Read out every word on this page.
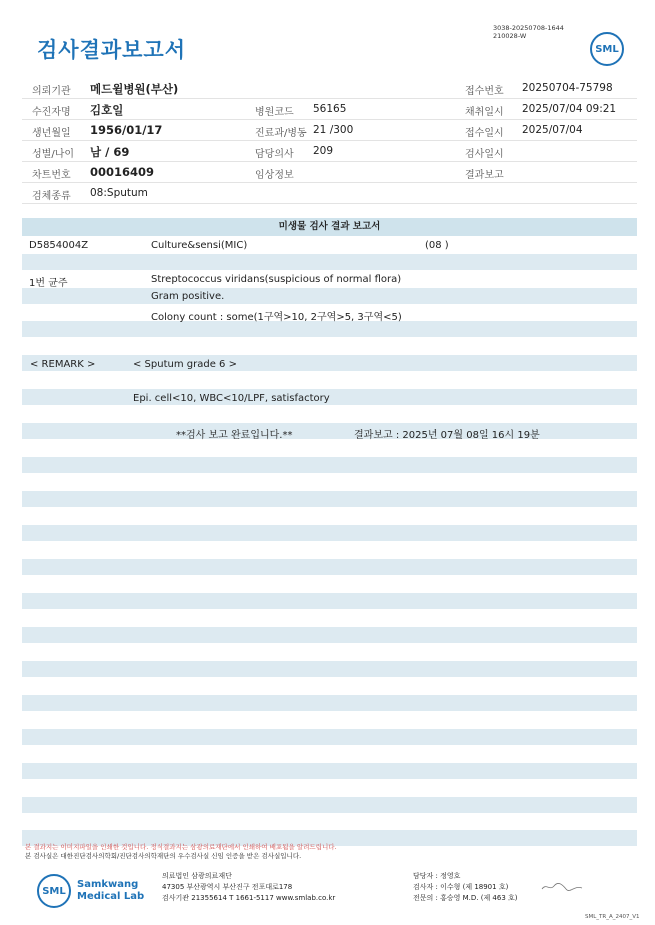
검사결과보고서
3038-20250708-1644
210028-W
SML
의뢰기관 메드윌병원(부산)	접수번호 20250704-75798
수진자명 김호일	병원코드 56165	채취일시 2025/07/04 09:21
생년월일 1956/01/17	진료과/병동 21 /300	접수일시 2025/07/04
성별/나이 남 / 69	담당의사 209	검사일시
차트번호 00016409	임상정보	결과보고
검체종류 08:Sputum
미생물 검사 결과 보고서
D5854004Z	Culture&sensi(MIC)	(08 )
1번 균주	Streptococcus viridans(suspicious of normal flora)
Gram positive.
Colony count : some(1구역>10, 2구역>5, 3구역<5)
< REMARK >	< Sputum grade 6 >
Epi. cell<10, WBC<10/LPF, satisfactory
**검사 보고 완료입니다.**	결과보고 : 2025년 07월 08일 16시 19분
본 결과지는 이미지파일을 인쇄한 것입니다. 정식결과지는 삼광의료재단에서 인쇄하여 배포됨을 알려드립니다.
본 검사실은 대한진단검사의학회/진단검사의학재단의 우수검사실 신임 인증을 받은 검사실입니다.
SML
Samkwang
Medical Lab
의료법인 삼광의료재단
47305 부산광역시 부산진구 전포대로178
검사기관 21355614 T 1661-5117 www.smlab.co.kr
담당자 : 정영호
검사자 : 이수형 (제 18901 호)
전문의 : 홍승영 M.D. (제 463 호)
SML_TR_A_2407_V1
